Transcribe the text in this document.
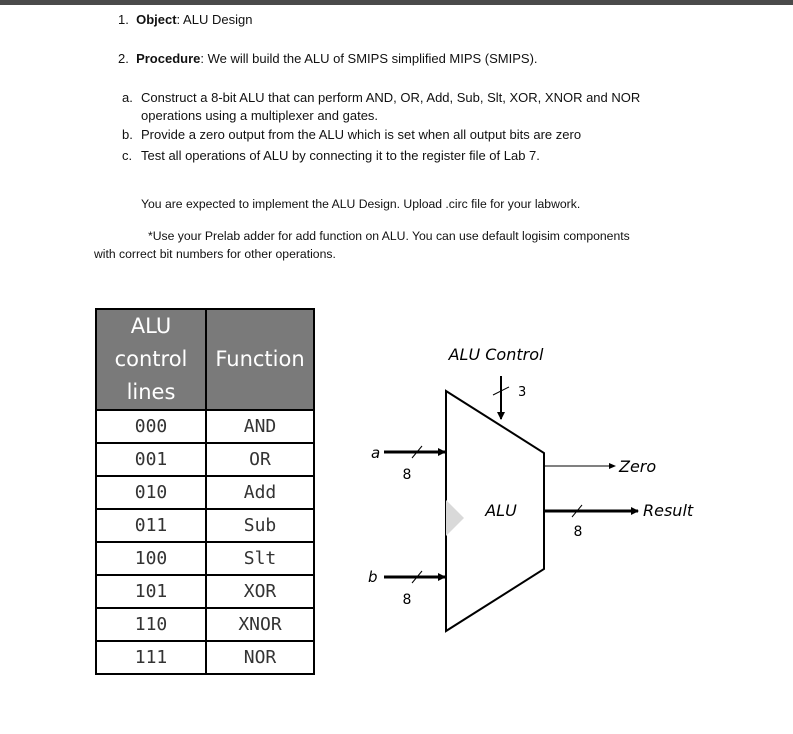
1. Object: ALU Design
2. Procedure: We will build the ALU of SMIPS simplified MIPS (SMIPS).
a. Construct a 8-bit ALU that can perform AND, OR, Add, Sub, Slt, XOR, XNOR and NOR
operations using a multiplexer and gates.
b. Provide a zero output from the ALU which is set when all output bits are zero
c. Test all operations of ALU by connecting it to the register file of Lab 7.
You are expected to implement the ALU Design. Upload .circ file for your labwork.
*Use your Prelab adder for add function on ALU. You can use default logisim components
with correct bit numbers for other operations.
ALU
control
lines	Function
000	AND
001	OR
010	Add
011	Sub
100	Slt
101	XOR
110	XNOR
111	NOR
ALU Control
3
a
8
b
8
ALU
Zero
8
Result
